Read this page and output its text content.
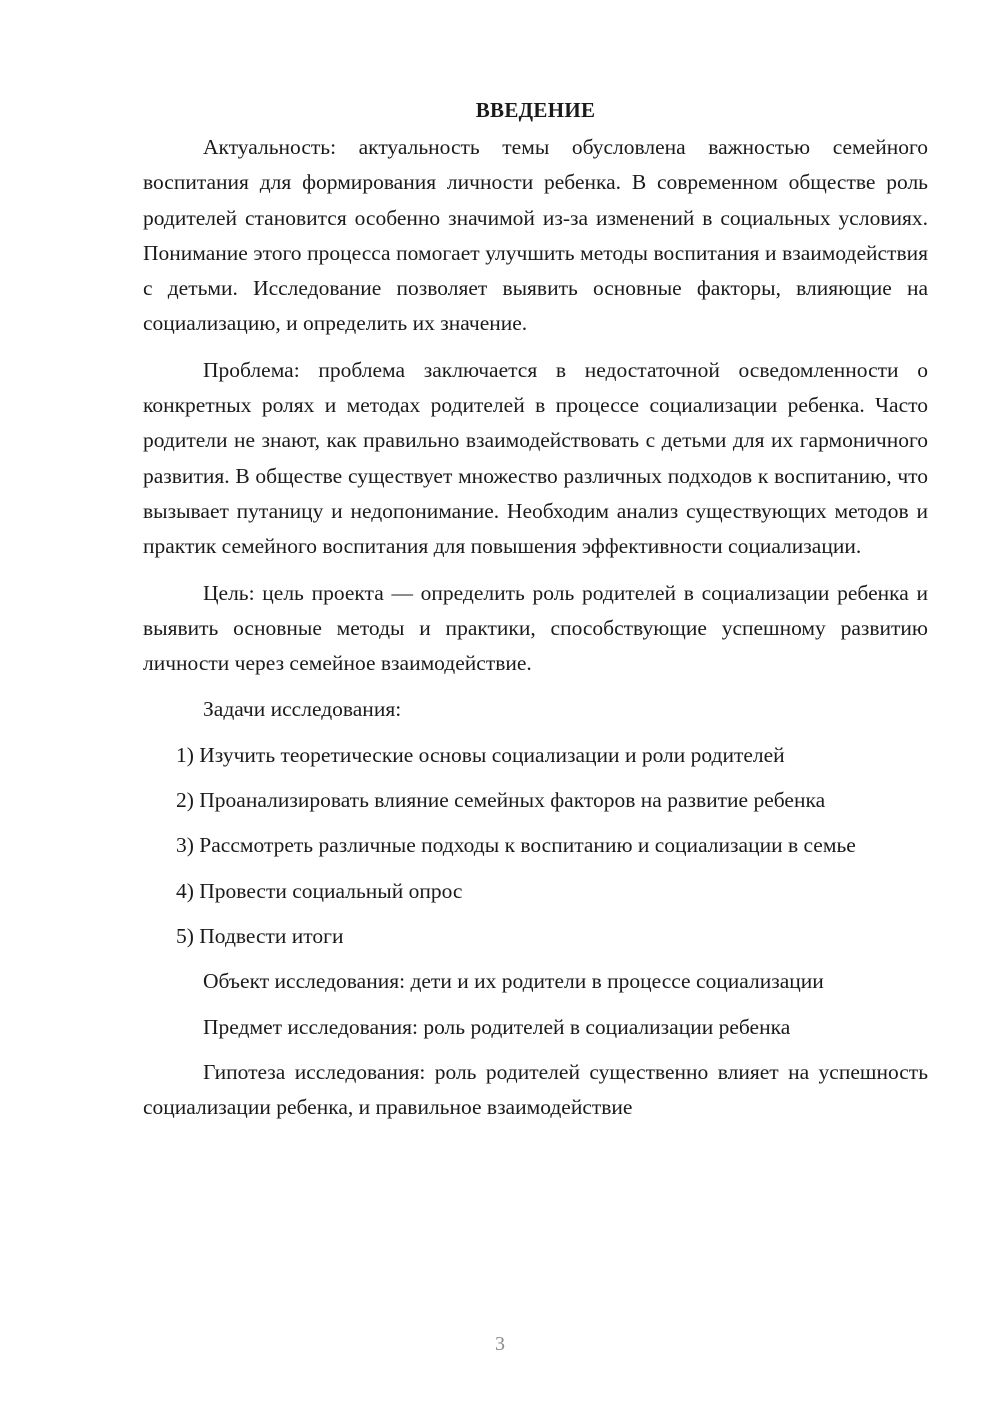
ВВЕДЕНИЕ

Актуальность: актуальность темы обусловлена важностью семейного воспитания для формирования личности ребенка. В современном обществе роль родителей становится особенно значимой из-за изменений в социальных условиях. Понимание этого процесса помогает улучшить методы воспитания и взаимодействия с детьми. Исследование позволяет выявить основные факторы, влияющие на социализацию, и определить их значение.

Проблема: проблема заключается в недостаточной осведомленности о конкретных ролях и методах родителей в процессе социализации ребенка. Часто родители не знают, как правильно взаимодействовать с детьми для их гармоничного развития. В обществе существует множество различных подходов к воспитанию, что вызывает путаницу и недопонимание. Необходим анализ существующих методов и практик семейного воспитания для повышения эффективности социализации.

Цель: цель проекта — определить роль родителей в социализации ребенка и выявить основные методы и практики, способствующие успешному развитию личности через семейное взаимодействие.

Задачи исследования:

1) Изучить теоретические основы социализации и роли родителей

2) Проанализировать влияние семейных факторов на развитие ребенка

3) Рассмотреть различные подходы к воспитанию и социализации в семье

4) Провести социальный опрос

5) Подвести итоги

Объект исследования: дети и их родители в процессе социализации

Предмет исследования: роль родителей в социализации ребенка

Гипотеза исследования: роль родителей существенно влияет на успешность социализации ребенка, и правильное взаимодействие

3
